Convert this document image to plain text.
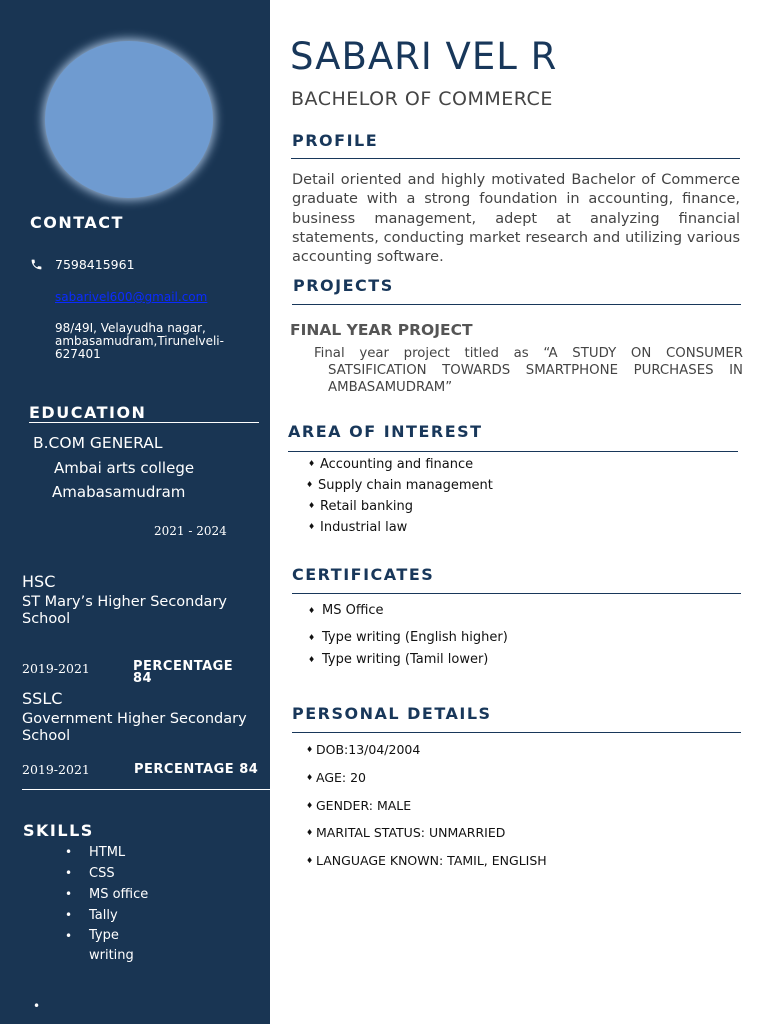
CONTACT
7598415961
sabarivel600@gmail.com
98/49I, Velayudha nagar, ambasamudram,Tirunelveli-627401
EDUCATION
B.COM GENERAL
Ambai arts college
Amabasamudram
2021 - 2024
HSC
ST Mary’s Higher Secondary School
2019-2021	PERCENTAGE 84
SSLC
Government Higher Secondary School
2019-2021	PERCENTAGE 84
SKILLS
• HTML
• CSS
• MS office
• Tally
• Type writing
•
SABARI VEL R
BACHELOR OF COMMERCE
PROFILE
Detail oriented and highly motivated Bachelor of Commerce graduate with a strong foundation in accounting, finance, business management, adept at analyzing financial statements, conducting market research and utilizing various accounting software.
PROJECTS
FINAL YEAR PROJECT
Final year project titled as “A STUDY ON CONSUMER SATSIFICATION TOWARDS SMARTPHONE PURCHASES IN AMBASAMUDRAM”
AREA OF INTEREST
♦ Accounting and finance
♦ Supply chain management
♦ Retail banking
♦ Industrial law
CERTIFICATES
♦ MS Office
♦ Type writing (English higher)
♦ Type writing (Tamil lower)
PERSONAL DETAILS
♦ DOB:13/04/2004
♦ AGE: 20
♦ GENDER: MALE
♦ MARITAL STATUS: UNMARRIED
♦ LANGUAGE KNOWN: TAMIL, ENGLISH
